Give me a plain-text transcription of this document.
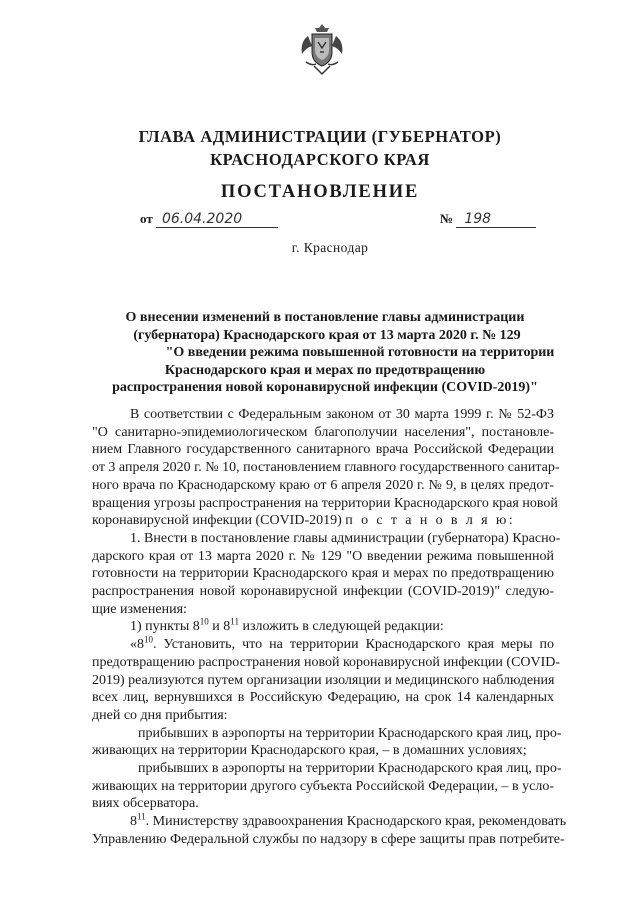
ГЛАВА АДМИНИСТРАЦИИ (ГУБЕРНАТОР)
КРАСНОДАРСКОГО КРАЯ
ПОСТАНОВЛЕНИЕ
от 06.04.2020	№ 198
г. Краснодар
О внесении изменений в постановление главы администрации
(губернатора) Краснодарского края от 13 марта 2020 г. № 129
"О введении режима повышенной готовности на территории
Краснодарского края и мерах по предотвращению
распространения новой коронавирусной инфекции (COVID-2019)"

В соответствии с Федеральным законом от 30 марта 1999 г. № 52-ФЗ
"О санитарно-эпидемиологическом благополучии населения", постановле-
нием Главного государственного санитарного врача Российской Федерации
от 3 апреля 2020 г. № 10, постановлением главного государственного санитар-
ного врача по Краснодарскому краю от 6 апреля 2020 г. № 9, в целях предот-
вращения угрозы распространения на территории Краснодарского края новой
коронавирусной инфекции (COVID-2019) п о с т а н о в л я ю:

1. Внести в постановление главы администрации (губернатора) Красно-
дарского края от 13 марта 2020 г. № 129 "О введении режима повышенной
готовности на территории Краснодарского края и мерах по предотвращению
распространения новой коронавирусной инфекции (COVID-2019)" следую-
щие изменения:

1) пункты $8^{10}$ и $8^{11}$ изложить в следующей редакции:

«$8^{10}$. Установить, что на территории Краснодарского края меры по
предотвращению распространения новой коронавирусной инфекции (COVID-
2019) реализуются путем организации изоляции и медицинского наблюдения
всех лиц, вернувшихся в Российскую Федерацию, на срок 14 календарных
дней со дня прибытия:

прибывших в аэропорты на территории Краснодарского края лиц, про-
живающих на территории Краснодарского края, – в домашних условиях;

прибывших в аэропорты на территории Краснодарского края лиц, про-
живающих на территории другого субъекта Российской Федерации, – в усло-
виях обсерватора.

$8^{11}$. Министерству здравоохранения Краснодарского края, рекомендовать
Управлению Федеральной службы по надзору в сфере защиты прав потребите-
